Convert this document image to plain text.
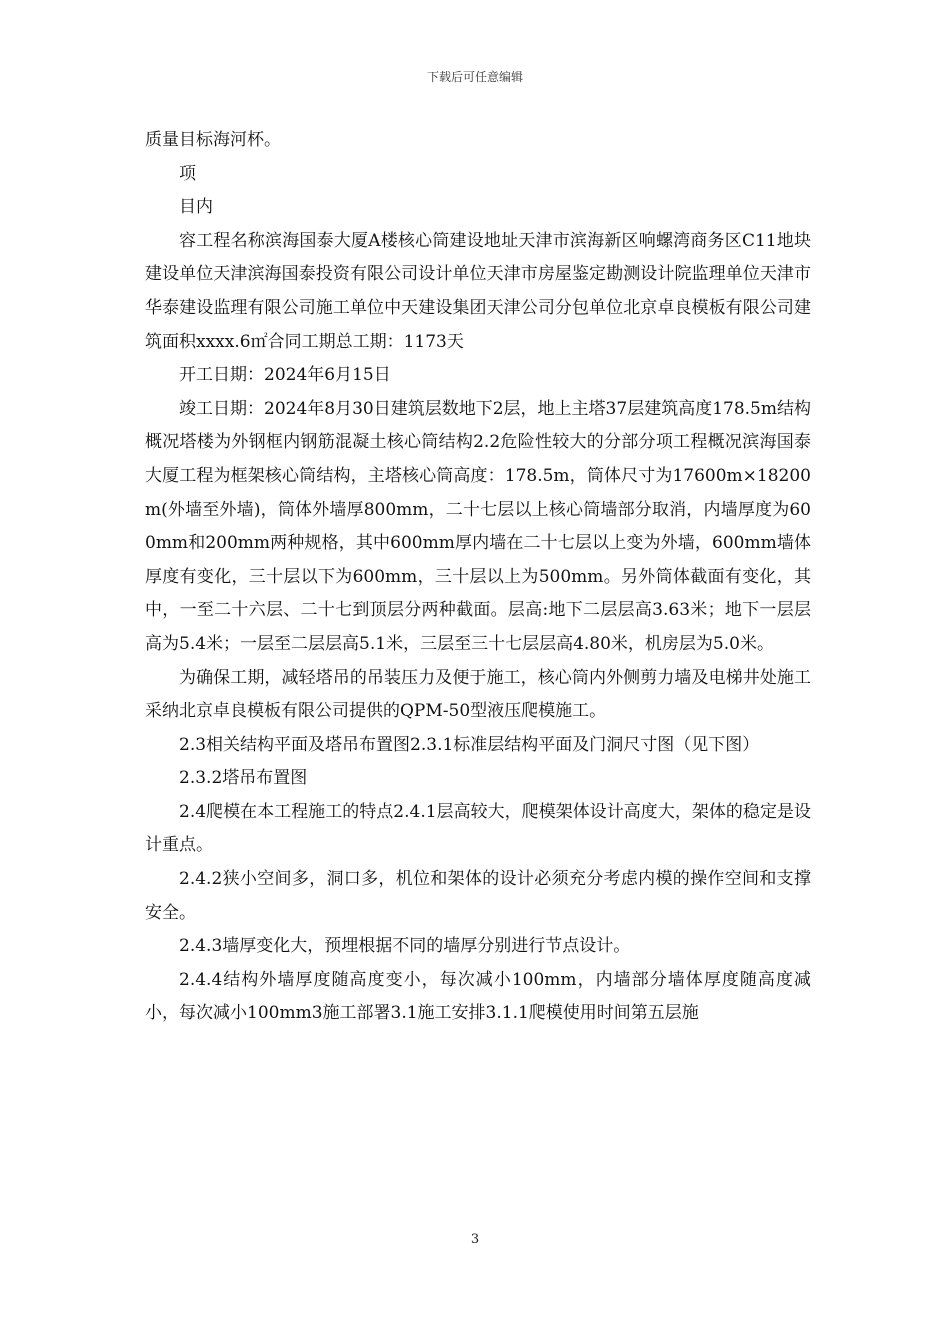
下载后可任意编辑

质量目标海河杯。

项

目内

容工程名称滨海国泰大厦A楼核心筒建设地址天津市滨海新区响螺湾商务区C11地块建设单位天津滨海国泰投资有限公司设计单位天津市房屋鉴定勘测设计院监理单位天津市华泰建设监理有限公司施工单位中天建设集团天津公司分包单位北京卓良模板有限公司建筑面积xxxx.6㎡合同工期总工期：1173天

开工日期：2024年6月15日

竣工日期：2024年8月30日建筑层数地下2层，地上主塔37层建筑高度178.5m结构概况塔楼为外钢框内钢筋混凝土核心筒结构2.2危险性较大的分部分项工程概况滨海国泰大厦工程为框架核心筒结构，主塔核心筒高度：178.5m，筒体尺寸为17600m×18200m(外墙至外墙)，筒体外墙厚800mm，二十七层以上核心筒墙部分取消，内墙厚度为600mm和200mm两种规格，其中600mm厚内墙在二十七层以上变为外墙，600mm墙体厚度有变化，三十层以下为600mm，三十层以上为500mm。另外筒体截面有变化，其中，一至二十六层、二十七到顶层分两种截面。层高:地下二层层高3.63米；地下一层层高为5.4米；一层至二层层高5.1米，三层至三十七层层高4.80米，机房层为5.0米。

为确保工期，减轻塔吊的吊装压力及便于施工，核心筒内外侧剪力墙及电梯井处施工采纳北京卓良模板有限公司提供的QPM-50型液压爬模施工。

2.3相关结构平面及塔吊布置图2.3.1标准层结构平面及门洞尺寸图（见下图）

2.3.2塔吊布置图

2.4爬模在本工程施工的特点2.4.1层高较大，爬模架体设计高度大，架体的稳定是设计重点。

2.4.2狭小空间多，洞口多，机位和架体的设计必须充分考虑内模的操作空间和支撑安全。

2.4.3墙厚变化大，预埋根据不同的墙厚分别进行节点设计。

2.4.4结构外墙厚度随高度变小，每次减小100mm，内墙部分墙体厚度随高度减小，每次减小100mm3施工部署3.1施工安排3.1.1爬模使用时间第五层施

3
